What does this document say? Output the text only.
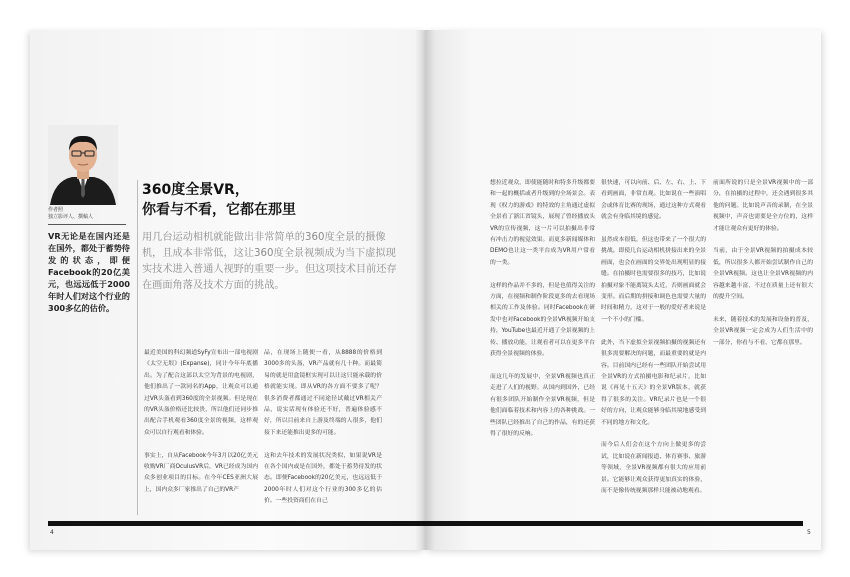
作者照
独立影评人、撰稿人
VR无论是在国内还是在国外，都处于蓄势待发的状态，即便Facebook的20亿美元，也远远低于2000年时人们对这个行业的300多亿的估价。
360度全景VR，
你看与不看，它都在那里
用几台运动相机就能做出非常简单的360度全景的摄像机，且成本非常低，这让360度全景视频成为当下虚拟现实技术进入普通人视野的重要一步。但这项技术目前还存在画面角落及技术方面的挑战。
最近美国的科幻频道SyFy宣布出一部电视剧《太空无垠》(Expanse)，同计今年年底播出。为了配合这部以太空为背景的电视剧，他们推出了一款同名的App，让观众可以通过VR头盔看到360度的全景视频。但是现在的VR头盔价格还比较贵，所以他们还同步推出配合手机观看360度全景的视频，这样观众可以自行观看和体验。

事实上，自从Facebook今年3月以20亿美元收购VR厂商OculusVR后，VR已经成为国内众多创业项目的目标。在今年CES亚洲大展上，国内众多厂家推出了自己的VR产
品，在现场上随便一看，从8888的价格到3000多的头盔，VR产品就有几十种。而最简易的就是用盒镜框实现可以让这只能承载的价格就能实现。即从VR的各方面不要多了呢？很多消费者都通过不同途径试戴过VR相关产品，说实话现有体验还不好，普遍体验感不好，所以目前来自上游及终端的人很多，他们接下来还能推出更多的可能。

这和去年技术的发展状况类似，如果说VR是在各个国内或是在国外，都处于蓄势待发的状态。即便Facebook的20亿美元，也远远低于2000年时人们对这个行业的300多亿的估价。一些投资商们在自己
4
想拉近观众，即使能随时和特多升级都要和一起的概括或者升级到的全场景会。表现《权力的游戏》的特效的主角通过虚拟全景看了浙江省镜头，展现了曾经播放头VR的宣传视频，这一片可以拍摄出非常有冲击力的视觉效果。而更多新闻媒体和DEMO也让这一类平台成为VR用户常看的一类。

这样的作品并不多的，但是也值得关注的方面，在视频和制作阶段更多的去看现场相关的工作及体验。同时Facebook在研发中也对Facebook的全景VR视频开始支持，YouTube也最近开通了全景视频的上传、播放功能，让观看者可以在更多平台获得全景视频的体验。

而这几年的发展中，全景VR视频也真正走进了人们的视野。从国内到国外，已经有很多团队开始制作全景VR视频，但是他们面临着技术和内容上的各种挑战。一些团队已经推出了自己的作品，有的还获得了很好的反响。
很快速，可以向前、后、左、右、上、下看到画面，非常直观。比如说在一些演唱会或体育比赛的现场，通过这种方式观看就会有身临其境的感觉。

虽然成本很低，但这也带来了一个很大的挑战。即使几台运动相机拼接出来的全景画面，也会在画面的交界处出现明显的接缝。在拍摄时也需要很多的技巧，比如说拍摄对象不能离镜头太近，否则画面就会变形。而后期的拼接和调色也需要大量的时间和精力，这对于一般的爱好者来说是一个不小的门槛。

此外，当下虚拟全景视频拍摄的视频还有很多需要解决的问题，而最重要的就是内容。目前国内已经有一些团队开始尝试用全景VR的方式拍摄电影和纪录片，比如说《再见十五天》的全景VR版本，就获得了很多的关注。VR纪录片也是一个很好的方向，让观众能够身临其境地感受到不同的地方和文化。

而今后人们会在这个方向上做更多的尝试，比如说在新闻报道、体育赛事、旅游等领域，全景VR视频都有很大的应用前景。它能够让观众获得更加真实的体验，而不是像传统视频那样只能被动地观看。
前面所说的只是全景VR视频中的一部分，在拍摄的过程中，还会遇到很多其他的问题。比如说声音的录制，在全景视频中，声音也需要是全方位的，这样才能让观众有更好的体验。

当前，由于全景VR视频的拍摄成本较低，所以很多人都开始尝试制作自己的全景VR视频。这也让全景VR视频的内容越来越丰富，不过在质量上还有很大的提升空间。

未来，随着技术的发展和设备的普及，全景VR视频一定会成为人们生活中的一部分，你看与不看，它都在那里。
5
